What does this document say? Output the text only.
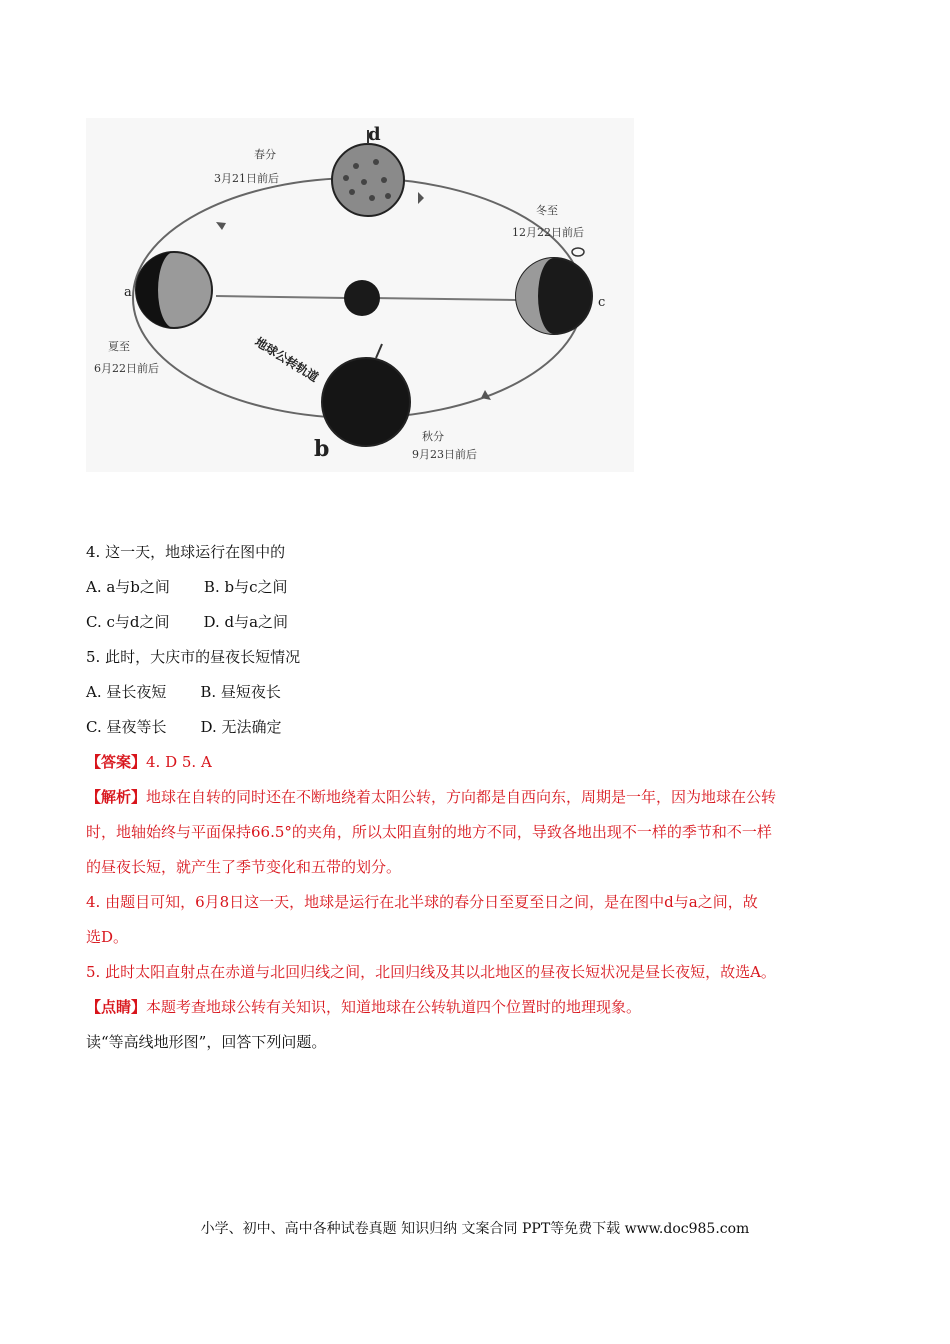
春分
3月21日前后
冬至
12月22日前后
夏至
6月22日前后
秋分
9月23日前后
地球公转轨道
a
b
c
d
4. 这一天，地球运行在图中的
A. a与b之间 B. b与c之间
C. c与d之间 D. d与a之间
5. 此时，大庆市的昼夜长短情况
A. 昼长夜短 B. 昼短夜长
C. 昼夜等长 D. 无法确定
【答案】4. D 5. A
【解析】地球在自转的同时还在不断地绕着太阳公转，方向都是自西向东，周期是一年，因为地球在公转
时，地轴始终与平面保持66.5°的夹角，所以太阳直射的地方不同，导致各地出现不一样的季节和不一样
的昼夜长短，就产生了季节变化和五带的划分。
4. 由题目可知，6月8日这一天，地球是运行在北半球的春分日至夏至日之间，是在图中d与a之间，故
选D。
5. 此时太阳直射点在赤道与北回归线之间，北回归线及其以北地区的昼夜长短状况是昼长夜短，故选A。
【点睛】本题考查地球公转有关知识，知道地球在公转轨道四个位置时的地理现象。
读“等高线地形图”，回答下列问题。
小学、初中、高中各种试卷真题 知识归纳 文案合同 PPT等免费下载 www.doc985.com
